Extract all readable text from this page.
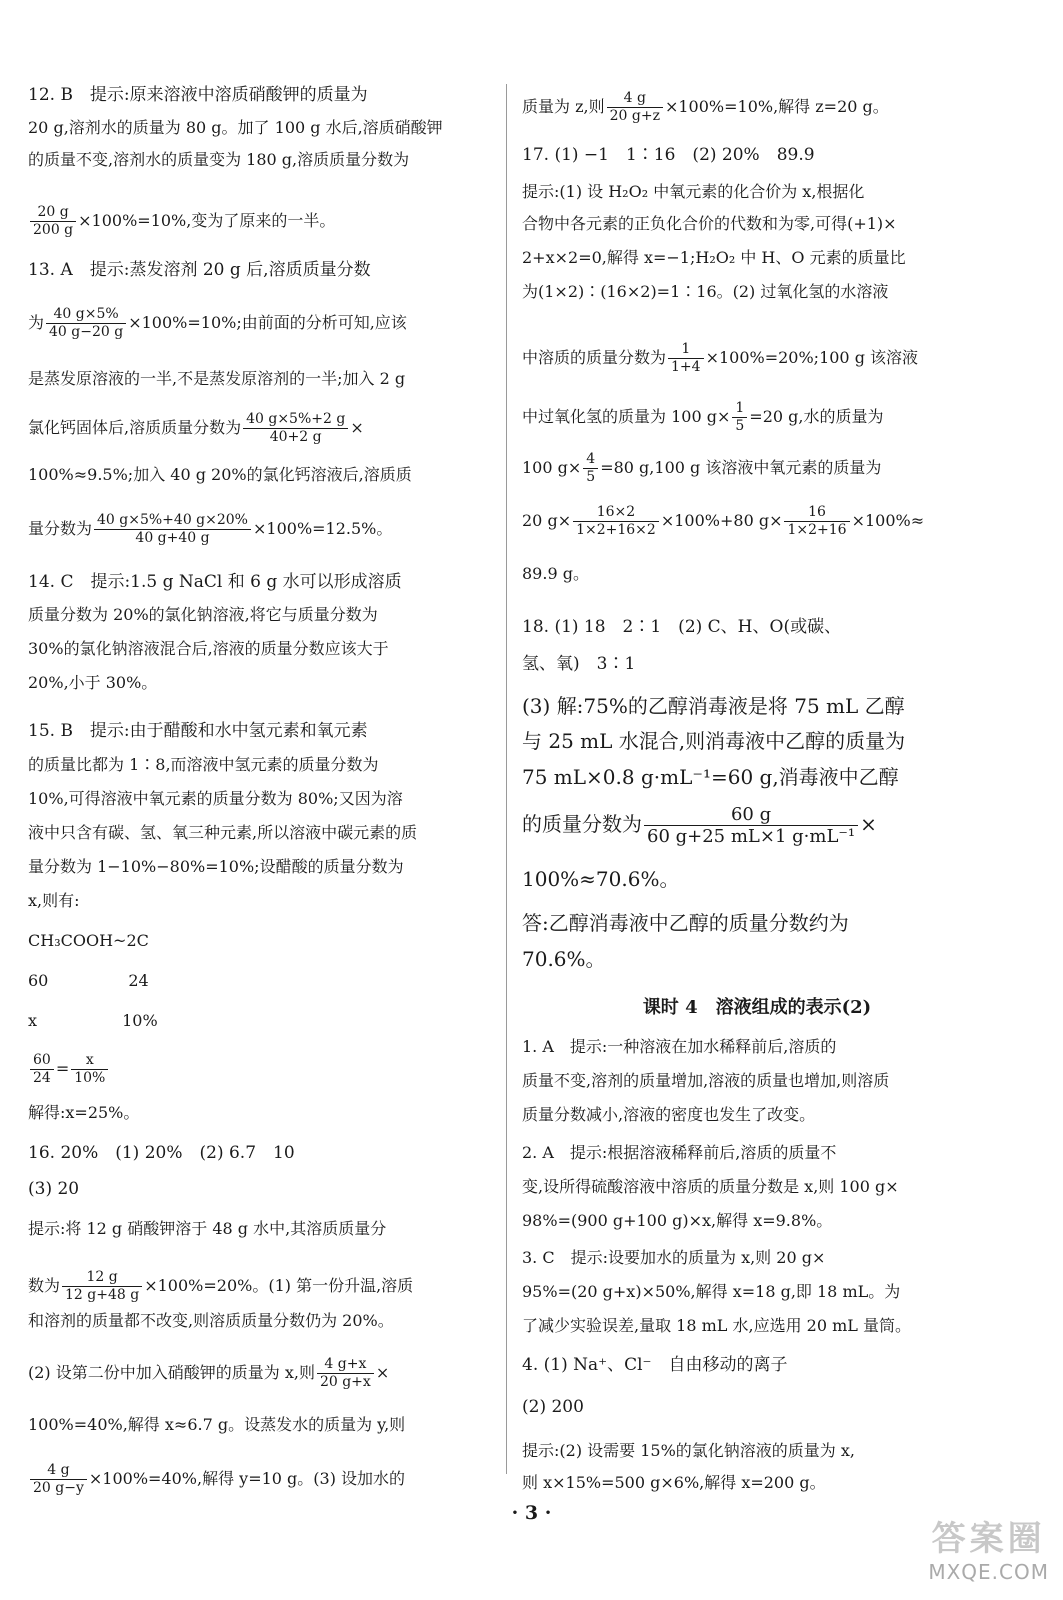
12. B　提示:原来溶液中溶质硝酸钾的质量为
20 g,溶剂水的质量为 80 g。加了 100 g 水后,溶质硝酸钾
的质量不变,溶剂水的质量变为 180 g,溶质质量分数为
$\frac{20 g}{200 g} \times 100\%=10\%$,变为了原来的一半。
13. A　提示:蒸发溶剂 20 g 后,溶质质量分数
为 $\frac{40 g\times 5\%}{40 g-20 g} \times 100\%=10\%$;由前面的分析可知,应该
是蒸发原溶液的一半,不是蒸发原溶剂的一半;加入 2 g
氯化钙固体后,溶质质量分数为 $\frac{40 g\times 5\%+2 g}{40+2 g}$ ×
100%≈9.5%;加入 40 g 20%的氯化钙溶液后,溶质质
量分数为 $\frac{40 g\times 5\%+40 g\times 20\%}{40 g+40 g} \times 100\%=12.5\%$。
14. C　提示:1.5 g NaCl 和 6 g 水可以形成溶质
质量分数为 20%的氯化钠溶液,将它与质量分数为
30%的氯化钠溶液混合后,溶液的质量分数应该大于
20%,小于 30%。
15. B　提示:由于醋酸和水中氢元素和氧元素
的质量比都为 1∶8,而溶液中氢元素的质量分数为
10%,可得溶液中氧元素的质量分数为 80%;又因为溶
液中只含有碳、氢、氧三种元素,所以溶液中碳元素的质
量分数为 1−10%−80%=10%;设醋酸的质量分数为
x,则有:
CH₃COOH~2C
60　　　　　24
x　　　　　 10%
$\frac{60}{24} = \frac{x}{10\%}$
解得:x=25%。
16. 20%　(1) 20%　(2) 6.7　10
(3) 20
提示:将 12 g 硝酸钾溶于 48 g 水中,其溶质质量分
数为 $\frac{12 g}{12 g+48 g} \times 100\%=20\%$。(1) 第一份升温,溶质
和溶剂的质量都不改变,则溶质质量分数仍为 20%。
(2) 设第二份中加入硝酸钾的质量为 x,则 $\frac{4 g+x}{20 g+x}$ ×
100%=40%,解得 x≈6.7 g。设蒸发水的质量为 y,则
$\frac{4 g}{20 g-y} \times 100\%=40\%$,解得 y=10 g。(3) 设加水的
质量为 z,则 $\frac{4 g}{20 g+z} \times 100\%=10\%$,解得 z=20 g。
17. (1) −1　1∶16　(2) 20%　89.9
提示:(1) 设 H₂O₂ 中氧元素的化合价为 x,根据化
合物中各元素的正负化合价的代数和为零,可得(+1)×
2+x×2=0,解得 x=−1;H₂O₂ 中 H、O 元素的质量比
为(1×2)∶(16×2)=1∶16。(2) 过氧化氢的水溶液
中溶质的质量分数为 $\frac{1}{1+4}$ ×100%=20%;100 g 该溶液
中过氧化氢的质量为 100 $g\times \frac{1}{5} =20$ g,水的质量为
100 $g\times \frac{4}{5} =80$ g,100 g 该溶液中氧元素的质量为
20 $g\times \frac{16\times 2}{1\times 2+16\times 2} \times 100\%+80$ $g\times \frac{16}{1\times 2+16} \times 100\%\approx$
89.9 g。
18. (1) 18　2∶1　(2) C、H、O(或碳、
氢、氧)　3∶1
(3) 解:75%的乙醇消毒液是将 75 mL 乙醇
与 25 mL 水混合,则消毒液中乙醇的质量为
75 mL×0.8 g·mL⁻¹=60 g,消毒液中乙醇
的质量分数为 $\frac{60 g}{\text{60 g+25 mL×1 g·mL⁻¹}}$ ×
100%≈70.6%。
答:乙醇消毒液中乙醇的质量分数约为
70.6%。
课时 4　溶液组成的表示(2)
1. A　提示:一种溶液在加水稀释前后,溶质的
质量不变,溶剂的质量增加,溶液的质量也增加,则溶质
质量分数减小,溶液的密度也发生了改变。
2. A　提示:根据溶液稀释前后,溶质的质量不
变,设所得硫酸溶液中溶质的质量分数是 x,则 100 g×
98%=(900 g+100 g)×x,解得 x=9.8%。
3. C　提示:设要加水的质量为 x,则 20 g×
95%=(20 g+x)×50%,解得 x=18 g,即 18 mL。为
了减少实验误差,量取 18 mL 水,应选用 20 mL 量筒。
4. (1) Na⁺、Cl⁻　自由移动的离子
(2) 200
提示:(2) 设需要 15%的氯化钠溶液的质量为 x,
则 x×15%=500 g×6%,解得 x=200 g。
· 3 ·
答案圈
MXQE.COM
